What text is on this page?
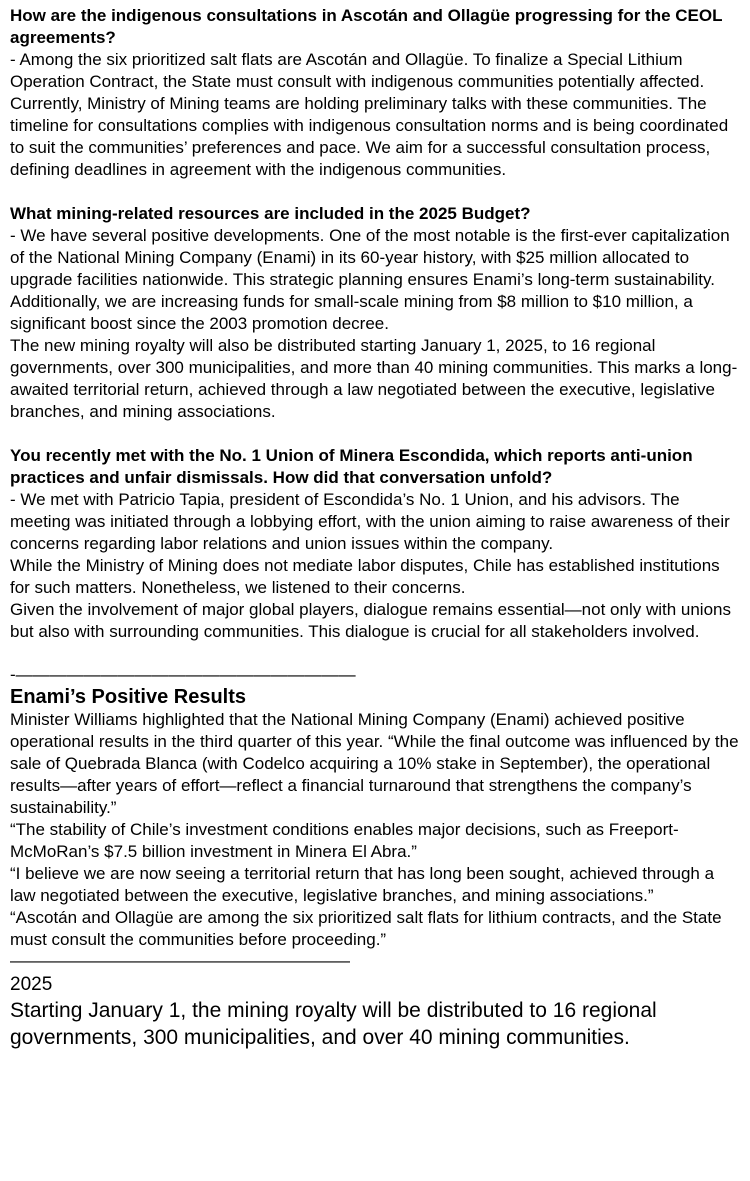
How are the indigenous consultations in Ascotán and Ollagüe progressing for the CEOL agreements?

- Among the six prioritized salt flats are Ascotán and Ollagüe. To finalize a Special Lithium Operation Contract, the State must consult with indigenous communities potentially affected.

Currently, Ministry of Mining teams are holding preliminary talks with these communities. The timeline for consultations complies with indigenous consultation norms and is being coordinated to suit the communities’ preferences and pace. We aim for a successful consultation process, defining deadlines in agreement with the indigenous communities.

What mining-related resources are included in the 2025 Budget?

- We have several positive developments. One of the most notable is the first-ever capitalization of the National Mining Company (Enami) in its 60-year history, with $25 million allocated to upgrade facilities nationwide. This strategic planning ensures Enami’s long-term sustainability.

Additionally, we are increasing funds for small-scale mining from $8 million to $10 million, a significant boost since the 2003 promotion decree.

The new mining royalty will also be distributed starting January 1, 2025, to 16 regional governments, over 300 municipalities, and more than 40 mining communities. This marks a long-awaited territorial return, achieved through a law negotiated between the executive, legislative branches, and mining associations.

You recently met with the No. 1 Union of Minera Escondida, which reports anti-union practices and unfair dismissals. How did that conversation unfold?

- We met with Patricio Tapia, president of Escondida’s No. 1 Union, and his advisors. The meeting was initiated through a lobbying effort, with the union aiming to raise awareness of their concerns regarding labor relations and union issues within the company.

While the Ministry of Mining does not mediate labor disputes, Chile has established institutions for such matters. Nonetheless, we listened to their concerns.

Given the involvement of major global players, dialogue remains essential—not only with unions but also with surrounding communities. This dialogue is crucial for all stakeholders involved.

-————————————————————

Enami’s Positive Results

Minister Williams highlighted that the National Mining Company (Enami) achieved positive operational results in the third quarter of this year. “While the final outcome was influenced by the sale of Quebrada Blanca (with Codelco acquiring a 10% stake in September), the operational results—after years of effort—reflect a financial turnaround that strengthens the company’s sustainability.”

“The stability of Chile’s investment conditions enables major decisions, such as Freeport-McMoRan’s $7.5 billion investment in Minera El Abra.”

“I believe we are now seeing a territorial return that has long been sought, achieved through a law negotiated between the executive, legislative branches, and mining associations.”

“Ascotán and Ollagüe are among the six prioritized salt flats for lithium contracts, and the State must consult the communities before proceeding.”

————————————————————

2025

Starting January 1, the mining royalty will be distributed to 16 regional governments, 300 municipalities, and over 40 mining communities.
